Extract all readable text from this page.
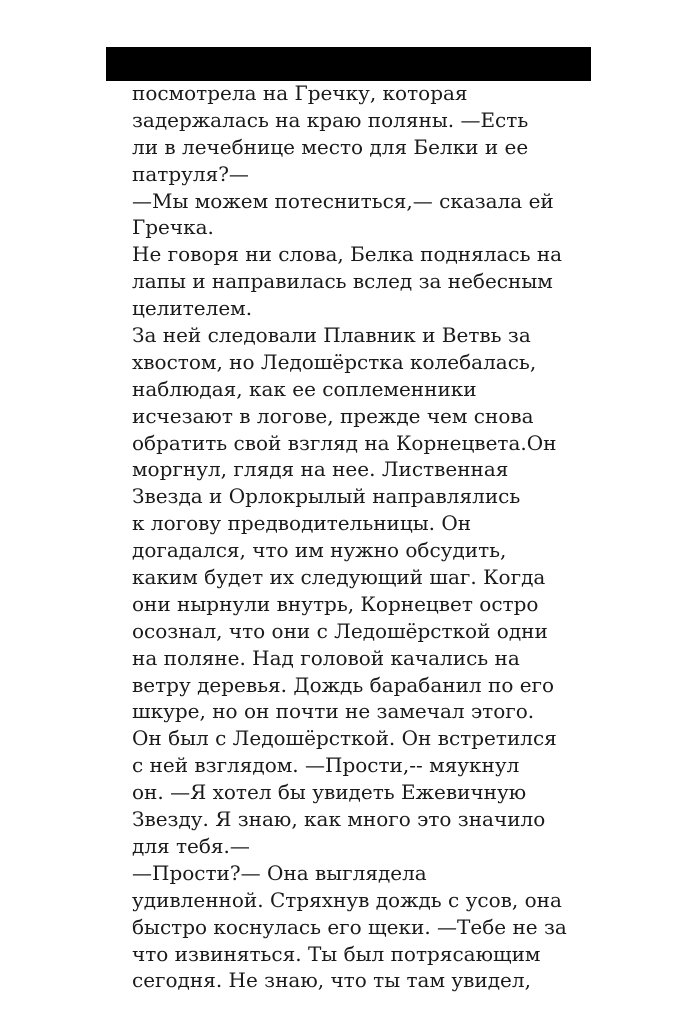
посмотрела на Гречку, которая
задержалась на краю поляны. —Есть
ли в лечебнице место для Белки и ее
патруля?—
—Мы можем потесниться,— сказала ей
Гречка.
Не говоря ни слова, Белка поднялась на
лапы и направилась вслед за небесным
целителем.
За ней следовали Плавник и Ветвь за
хвостом, но Ледошёрстка колебалась,
наблюдая, как ее соплеменники
исчезают в логове, прежде чем снова
обратить свой взгляд на Корнецвета.Он
моргнул, глядя на нее. Лиственная
Звезда и Орлокрылый направлялись
к логову предводительницы. Он
догадался, что им нужно обсудить,
каким будет их следующий шаг. Когда
они нырнули внутрь, Корнецвет остро
осознал, что они с Ледошёрсткой одни
на поляне. Над головой качались на
ветру деревья. Дождь барабанил по его
шкуре, но он почти не замечал этого.
Он был с Ледошёрсткой. Он встретился
с ней взглядом. —Прости,-- мяукнул
он. —Я хотел бы увидеть Ежевичную
Звезду. Я знаю, как много это значило
для тебя.—
—Прости?— Она выглядела
удивленной. Стряхнув дождь с усов, она
быстро коснулась его щеки. —Тебе не за
что извиняться. Ты был потрясающим
сегодня. Не знаю, что ты там увидел,
